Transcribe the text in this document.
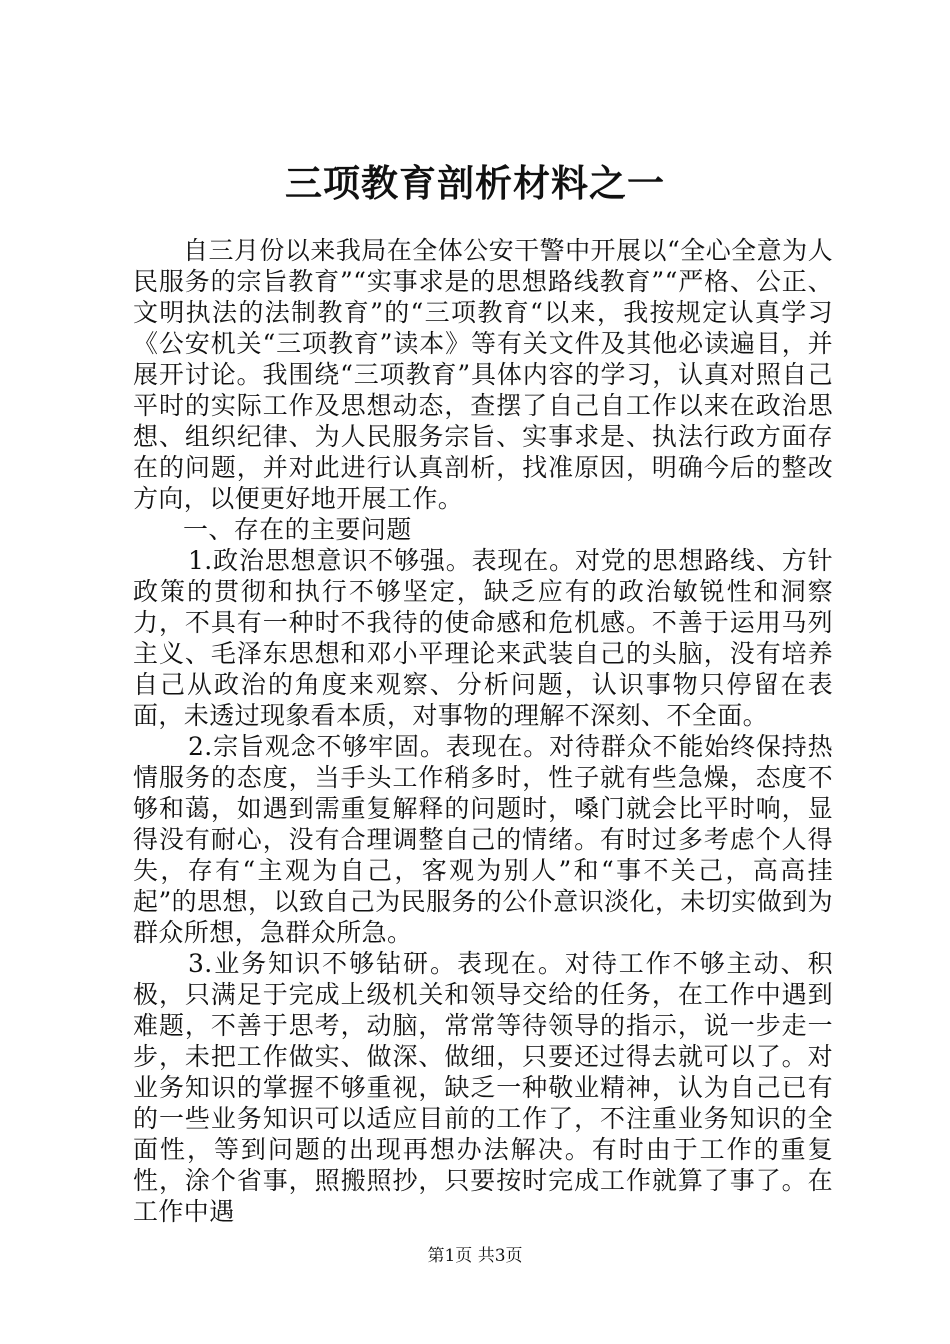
三项教育剖析材料之一

自三月份以来我局在全体公安干警中开展以“全心全意为人民服务的宗旨教育”“实事求是的思想路线教育”“严格、公正、文明执法的法制教育”的“三项教育“以来，我按规定认真学习《公安机关“三项教育”读本》等有关文件及其他必读遍目，并展开讨论。我围绕“三项教育”具体内容的学习，认真对照自己平时的实际工作及思想动态，查摆了自己自工作以来在政治思想、组织纪律、为人民服务宗旨、实事求是、执法行政方面存在的问题，并对此进行认真剖析，找准原因，明确今后的整改方向，以便更好地开展工作。

一、存在的主要问题

1.政治思想意识不够强。表现在。对党的思想路线、方针政策的贯彻和执行不够坚定，缺乏应有的政治敏锐性和洞察力，不具有一种时不我待的使命感和危机感。不善于运用马列主义、毛泽东思想和邓小平理论来武装自己的头脑，没有培养自己从政治的角度来观察、分析问题，认识事物只停留在表面，未透过现象看本质，对事物的理解不深刻、不全面。

2.宗旨观念不够牢固。表现在。对待群众不能始终保持热情服务的态度，当手头工作稍多时，性子就有些急燥，态度不够和蔼，如遇到需重复解释的问题时，嗓门就会比平时响，显得没有耐心，没有合理调整自己的情绪。有时过多考虑个人得失，存有“主观为自己，客观为别人”和“事不关己，高高挂起”的思想，以致自己为民服务的公仆意识淡化，未切实做到为群众所想，急群众所急。

3.业务知识不够钻研。表现在。对待工作不够主动、积极，只满足于完成上级机关和领导交给的任务，在工作中遇到难题，不善于思考，动脑，常常等待领导的指示，说一步走一步，未把工作做实、做深、做细，只要还过得去就可以了。对业务知识的掌握不够重视，缺乏一种敬业精神，认为自己已有的一些业务知识可以适应目前的工作了，不注重业务知识的全面性，等到问题的出现再想办法解决。有时由于工作的重复性，涂个省事，照搬照抄，只要按时完成工作就算了事了。在工作中遇

第1页 共3页
